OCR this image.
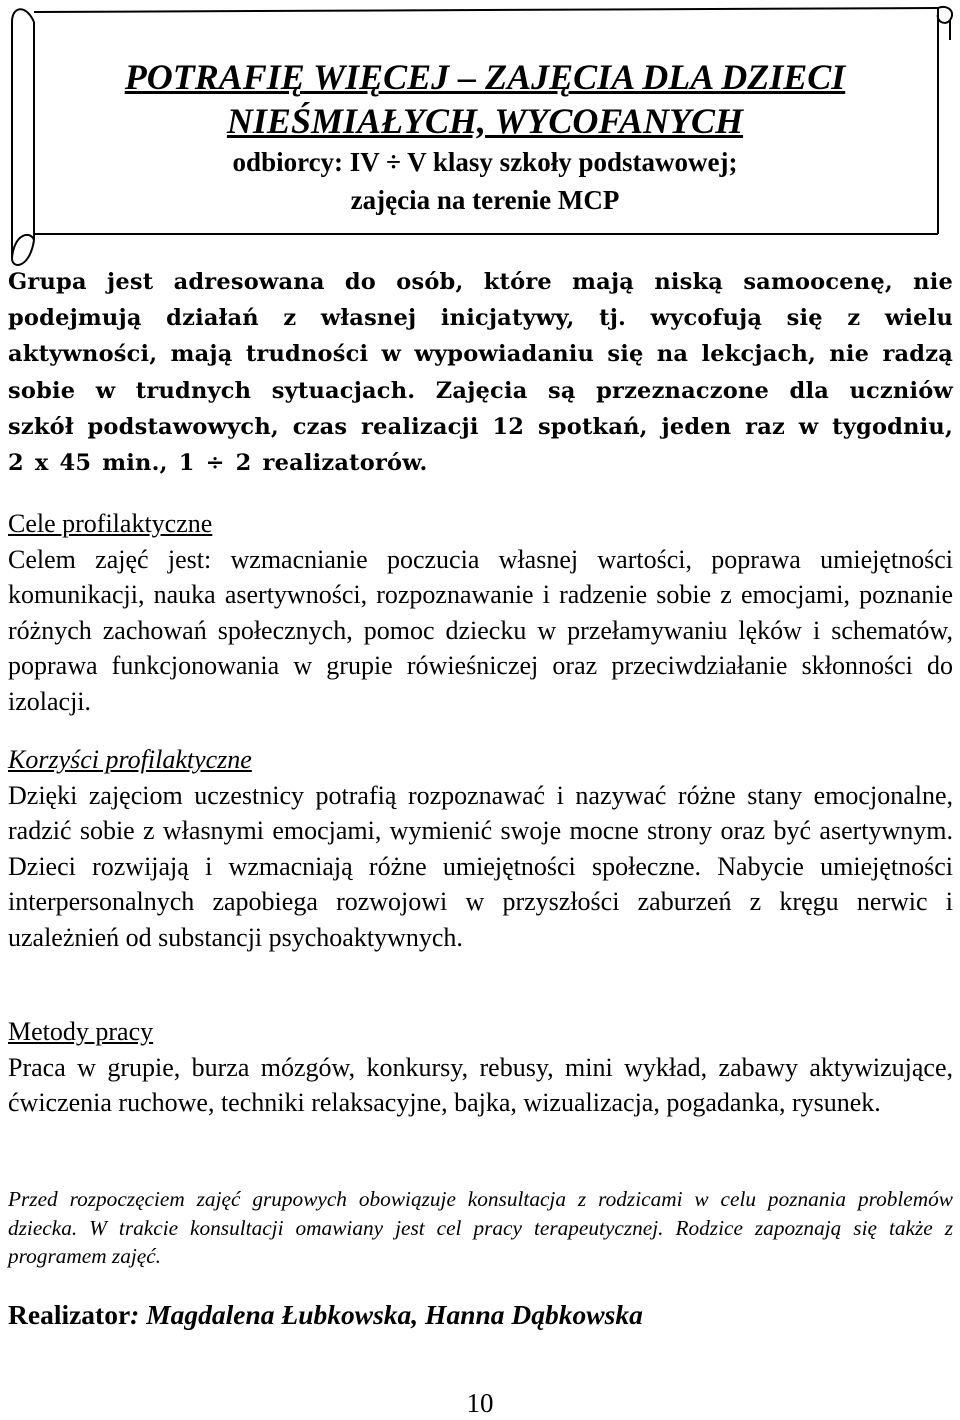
POTRAFIĘ WIĘCEJ – ZAJĘCIA DLA DZIECI
NIEŚMIAŁYCH, WYCOFANYCH
odbiorcy: IV ÷ V klasy szkoły podstawowej;
zajęcia na terenie MCP
Grupa jest adresowana do osób, które mają niską samoocenę, nie podejmują działań z własnej inicjatywy, tj. wycofują się z wielu aktywności, mają trudności w wypowiadaniu się na lekcjach, nie radzą sobie w trudnych sytuacjach. Zajęcia są przeznaczone dla uczniów szkół podstawowych, czas realizacji 12 spotkań, jeden raz w tygodniu, 2 x 45 min., 1 ÷ 2 realizatorów.
Cele profilaktyczne
Celem zajęć jest: wzmacnianie poczucia własnej wartości, poprawa umiejętności komunikacji, nauka asertywności, rozpoznawanie i radzenie sobie z emocjami, poznanie różnych zachowań społecznych, pomoc dziecku w przełamywaniu lęków i schematów, poprawa funkcjonowania w grupie rówieśniczej oraz przeciwdziałanie skłonności do izolacji.
Korzyści profilaktyczne
Dzięki zajęciom uczestnicy potrafią rozpoznawać i nazywać różne stany emocjonalne, radzić sobie z własnymi emocjami, wymienić swoje mocne strony oraz być asertywnym. Dzieci rozwijają i wzmacniają różne umiejętności społeczne. Nabycie umiejętności interpersonalnych zapobiega rozwojowi w przyszłości zaburzeń z kręgu nerwic i uzależnień od substancji psychoaktywnych.
Metody pracy
Praca w grupie, burza mózgów, konkursy, rebusy, mini wykład, zabawy aktywizujące, ćwiczenia ruchowe, techniki relaksacyjne, bajka, wizualizacja, pogadanka, rysunek.
Przed rozpoczęciem zajęć grupowych obowiązuje konsultacja z rodzicami w celu poznania problemów dziecka. W trakcie konsultacji omawiany jest cel pracy terapeutycznej. Rodzice zapoznają się także z programem zajęć.
Realizator: Magdalena Łubkowska, Hanna Dąbkowska
10
